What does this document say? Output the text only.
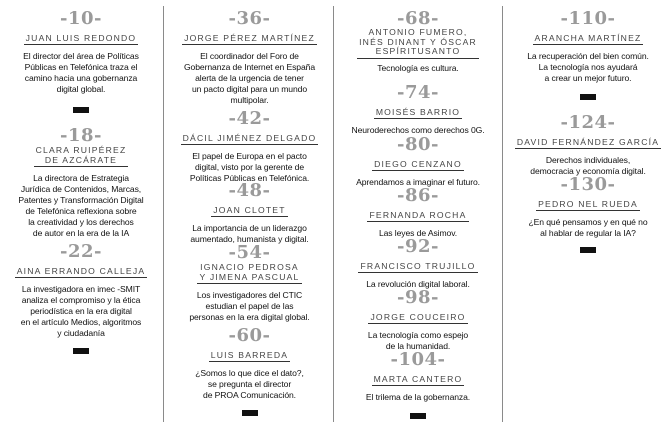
-10-
JUAN LUIS REDONDO
El director del área de Políticas
Públicas en Telefónica traza el
camino hacia una gobernanza
digital global.
-18-
CLARA RUIPÉREZ
DE AZCÁRATE
La directora de Estrategia
Jurídica de Contenidos, Marcas,
Patentes y Transformación Digital
de Telefónica reflexiona sobre
la creatividad y los derechos
de autor en la era de la IA
-22-
AINA ERRANDO CALLEJA
La investigadora en imec -SMIT
analiza el compromiso y la ética
periodística en la era digital
en el artículo Medios, algoritmos
y ciudadanía
-36-
JORGE PÉREZ MARTÍNEZ
El coordinador del Foro de
Gobernanza de Internet en España
alerta de la urgencia de tener
un pacto digital para un mundo
multipolar.
-42-
DÁCIL JIMÉNEZ DELGADO
El papel de Europa en el pacto
digital, visto por la gerente de
Políticas Públicas en Telefónica.
-48-
JOAN CLOTET
La importancia de un liderazgo
aumentado, humanista y digital.
-54-
IGNACIO PEDROSA
Y JIMENA PASCUAL
Los investigadores del CTIC
estudian el papel de las
personas en la era digital global.
-60-
LUIS BARREDA
¿Somos lo que dice el dato?,
se pregunta el director
de PROA Comunicación.
-68-
ANTONIO FUMERO,
INÉS DINANT Y ÓSCAR
ESPÍRITUSANTO
Tecnología es cultura.
-74-
MOISÉS BARRIO
Neuroderechos como derechos 0G.
-80-
DIEGO CENZANO
Aprendamos a imaginar el futuro.
-86-
FERNANDA ROCHA
Las leyes de Asimov.
-92-
FRANCISCO TRUJILLO
La revolución digital laboral.
-98-
JORGE COUCEIRO
La tecnología como espejo
de la humanidad.
-104-
MARTA CANTERO
El trilema de la gobernanza.
-110-
ARANCHA MARTÍNEZ
La recuperación del bien común.
La tecnología nos ayudará
a crear un mejor futuro.
-124-
DAVID FERNÁNDEZ GARCÍA
Derechos individuales,
democracia y economía digital.
-130-
PEDRO NEL RUEDA
¿En qué pensamos y en qué no
al hablar de regular la IA?
